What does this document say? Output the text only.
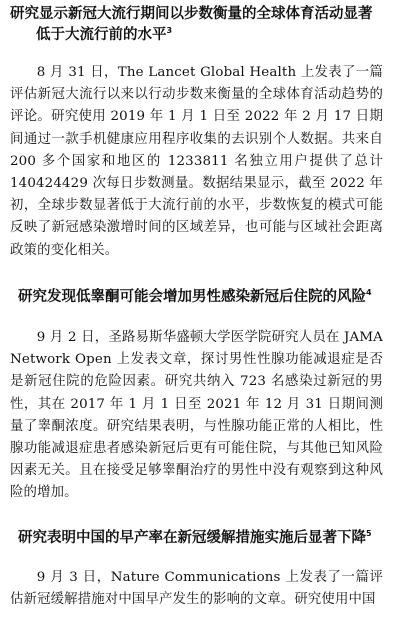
研究显示新冠大流行期间以步数衡量的全球体育活动显著
低于大流行前的水平$^3$

8 月 31 日，The Lancet Global Health 上发表了一篇评估新冠大流行以来以行动步数来衡量的全球体育活动趋势的评论。研究使用 2019 年 1 月 1 日至 2022 年 2 月 17 日期间通过一款手机健康应用程序收集的去识别个人数据。共来自 200 多个国家和地区的 1233811 名独立用户提供了总计 140424429 次每日步数测量。数据结果显示，截至 2022 年初，全球步数显著低于大流行前的水平，步数恢复的模式可能反映了新冠感染激增时间的区域差异，也可能与区域社会距离政策的变化相关。

研究发现低睾酮可能会增加男性感染新冠后住院的风险$^4$

9 月 2 日，圣路易斯华盛顿大学医学院研究人员在 JAMA Network Open 上发表文章，探讨男性性腺功能减退症是否是新冠住院的危险因素。研究共纳入 723 名感染过新冠的男性，其在 2017 年 1 月 1 日至 2021 年 12 月 31 日期间测量了睾酮浓度。研究结果表明，与性腺功能正常的人相比，性腺功能减退症患者感染新冠后更有可能住院，与其他已知风险因素无关。且在接受足够睾酮治疗的男性中没有观察到这种风险的增加。

研究表明中国的早产率在新冠缓解措施实施后显著下降$^5$

9 月 3 日，Nature Communications 上发表了一篇评估新冠缓解措施对中国早产发生的影响的文章。研究使用中国
